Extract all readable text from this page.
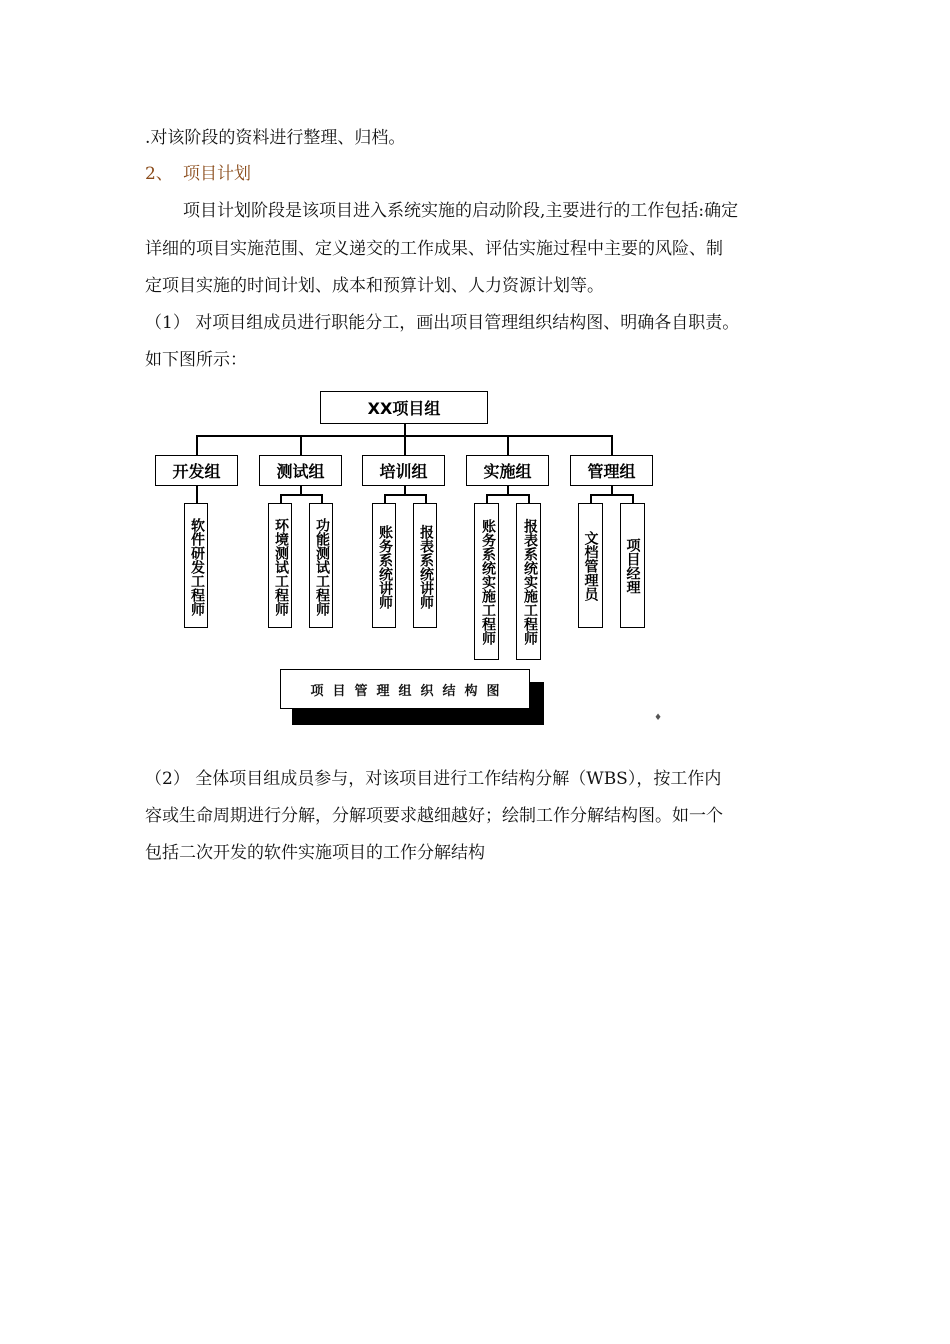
.对该阶段的资料进行整理、归档。
2、 项目计划
项目计划阶段是该项目进入系统实施的启动阶段,主要进行的工作包括:确定
详细的项目实施范围、定义递交的工作成果、评估实施过程中主要的风险、制
定项目实施的时间计划、成本和预算计划、人力资源计划等。
（1） 对项目组成员进行职能分工，画出项目管理组织结构图、明确各自职责。
如下图所示：
XX项目组
开发组	测试组	培训组	实施组	管理组
软件研发工程师	环境测试工程师	功能测试工程师	账务系统讲师	报表系统讲师	账务系统实施工程师	报表系统实施工程师	文档管理员	项目经理
项目管理组织结构图
♦
（2） 全体项目组成员参与，对该项目进行工作结构分解（WBS），按工作内
容或生命周期进行分解，分解项要求越细越好；绘制工作分解结构图。如一个
包括二次开发的软件实施项目的工作分解结构
